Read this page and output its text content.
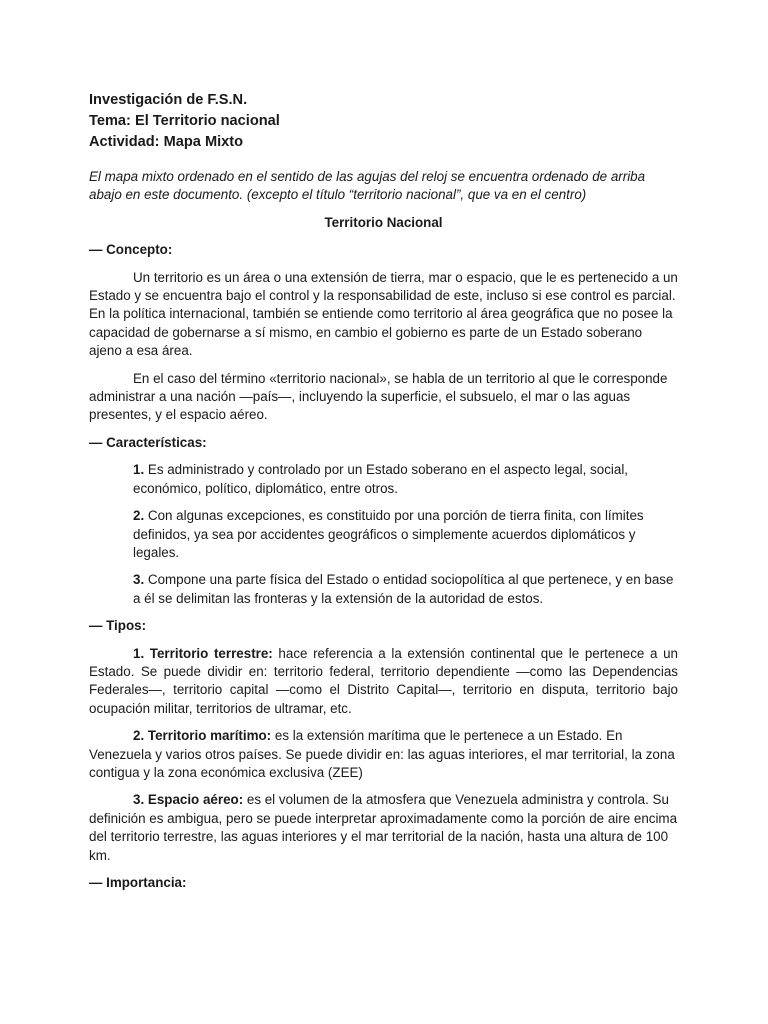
Investigación de F.S.N.

Tema: El Territorio nacional

Actividad: Mapa Mixto

El mapa mixto ordenado en el sentido de las agujas del reloj se encuentra ordenado de arriba abajo en este documento. (excepto el título “territorio nacional”, que va en el centro)

Territorio Nacional

— Concepto:

Un territorio es un área o una extensión de tierra, mar o espacio, que le es pertenecido a un Estado y se encuentra bajo el control y la responsabilidad de este, incluso si ese control es parcial. En la política internacional, también se entiende como territorio al área geográfica que no posee la capacidad de gobernarse a sí mismo, en cambio el gobierno es parte de un Estado soberano ajeno a esa área.

En el caso del término «territorio nacional», se habla de un territorio al que le corresponde administrar a una nación —país—, incluyendo la superficie, el subsuelo, el mar o las aguas presentes, y el espacio aéreo.

— Características:

1. Es administrado y controlado por un Estado soberano en el aspecto legal, social, económico, político, diplomático, entre otros.

2. Con algunas excepciones, es constituido por una porción de tierra finita, con límites definidos, ya sea por accidentes geográficos o simplemente acuerdos diplomáticos y legales.

3. Compone una parte física del Estado o entidad sociopolítica al que pertenece, y en base a él se delimitan las fronteras y la extensión de la autoridad de estos.

— Tipos:

1. Territorio terrestre: hace referencia a la extensión continental que le pertenece a un Estado. Se puede dividir en: territorio federal, territorio dependiente —como las Dependencias Federales—, territorio capital —como el Distrito Capital—, territorio en disputa, territorio bajo ocupación militar, territorios de ultramar, etc.

2. Territorio marítimo: es la extensión marítima que le pertenece a un Estado. En Venezuela y varios otros países. Se puede dividir en: las aguas interiores, el mar territorial, la zona contigua y la zona económica exclusiva (ZEE)

3. Espacio aéreo: es el volumen de la atmosfera que Venezuela administra y controla. Su definición es ambigua, pero se puede interpretar aproximadamente como la porción de aire encima del territorio terrestre, las aguas interiores y el mar territorial de la nación, hasta una altura de 100 km.

— Importancia:
